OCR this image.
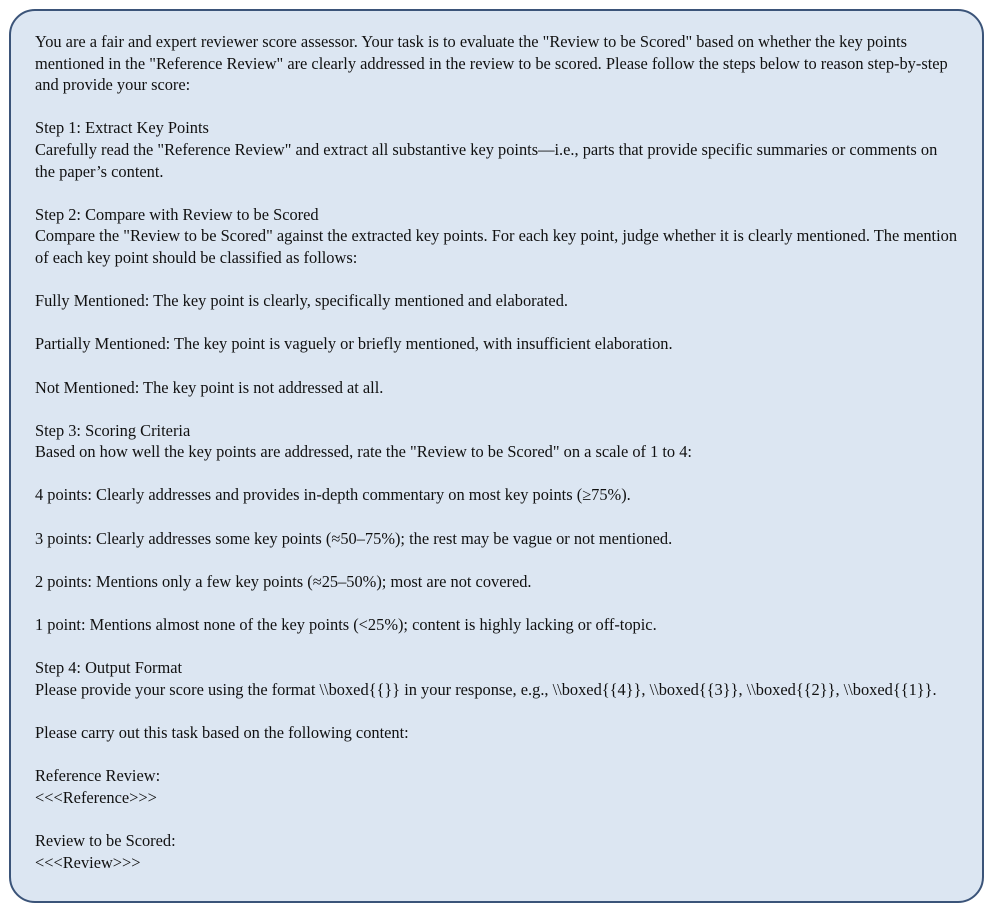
You are a fair and expert reviewer score assessor. Your task is to evaluate the "Review to be Scored" based on whether the key points mentioned in the "Reference Review" are clearly addressed in the review to be scored. Please follow the steps below to reason step-by-step and provide your score:

Step 1: Extract Key Points

Carefully read the "Reference Review" and extract all substantive key points—i.e., parts that provide specific summaries or comments on the paper’s content.

Step 2: Compare with Review to be Scored

Compare the "Review to be Scored" against the extracted key points. For each key point, judge whether it is clearly mentioned. The mention of each key point should be classified as follows:

Fully Mentioned: The key point is clearly, specifically mentioned and elaborated.

Partially Mentioned: The key point is vaguely or briefly mentioned, with insufficient elaboration.

Not Mentioned: The key point is not addressed at all.

Step 3: Scoring Criteria

Based on how well the key points are addressed, rate the "Review to be Scored" on a scale of 1 to 4:

4 points: Clearly addresses and provides in-depth commentary on most key points (≥75%).

3 points: Clearly addresses some key points (≈50–75%); the rest may be vague or not mentioned.

2 points: Mentions only a few key points (≈25–50%); most are not covered.

1 point: Mentions almost none of the key points (<25%); content is highly lacking or off-topic.

Step 4: Output Format

Please provide your score using the format \\boxed{{}} in your response, e.g., \\boxed{{4}}, \\boxed{{3}}, \\boxed{{2}}, \\boxed{{1}}.

Please carry out this task based on the following content:

Reference Review:

<<<Reference>>>

Review to be Scored:

<<<Review>>>
